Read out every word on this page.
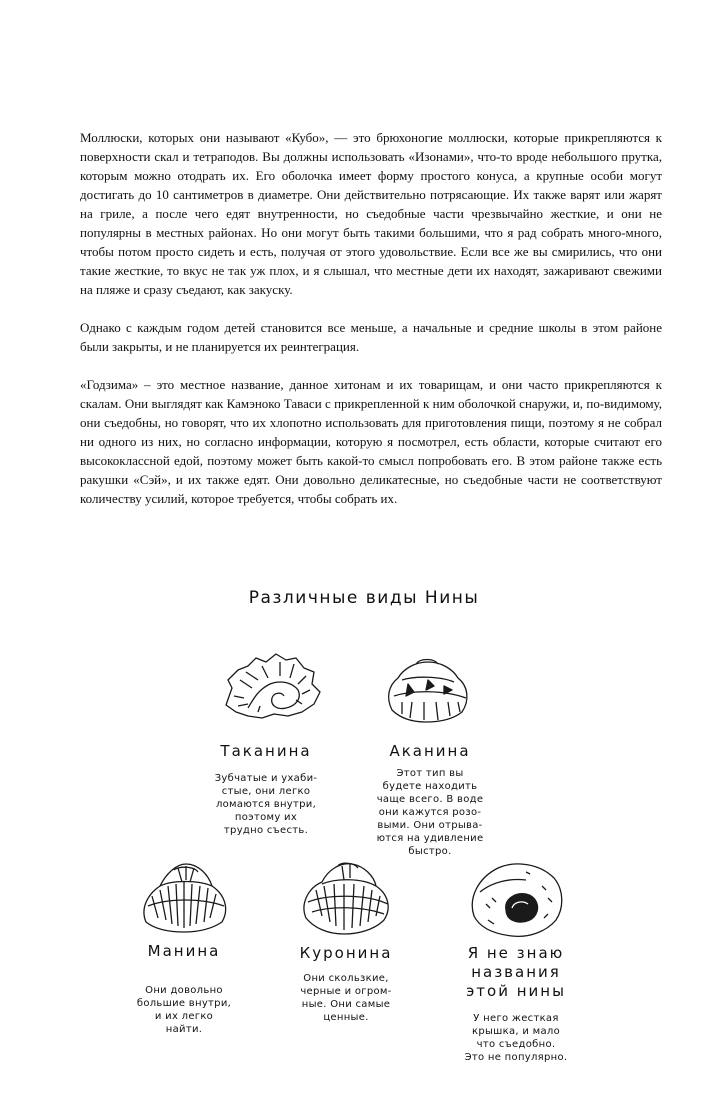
Моллюски, которых они называют «Кубо», — это брюхоногие моллюски, которые прикрепляются к поверхности скал и тетраподов. Вы должны использовать «Изонами», что-то вроде небольшого прутка, которым можно отодрать их. Его оболочка имеет форму простого конуса, а крупные особи могут достигать до 10 сантиметров в диаметре. Они действительно потрясающие. Их также варят или жарят на гриле, а после чего едят внутренности, но съедобные части чрезвычайно жесткие, и они не популярны в местных районах. Но они могут быть такими большими, что я рад собрать много-много, чтобы потом просто сидеть и есть, получая от этого удовольствие. Если все же вы смирились, что они такие жесткие, то вкус не так уж плох, и я слышал, что местные дети их находят, зажаривают свежими на пляже и сразу съедают, как закуску.

Однако с каждым годом детей становится все меньше, а начальные и средние школы в этом районе были закрыты, и не планируется их реинтеграция.

«Годзима» – это местное название, данное хитонам и их товарищам, и они часто прикрепляются к скалам. Они выглядят как Камэноко Таваси с прикрепленной к ним оболочкой снаружи, и, по-видимому, они съедобны, но говорят, что их хлопотно использовать для приготовления пищи, поэтому я не собрал ни одного из них, но согласно информации, которую я посмотрел, есть области, которые считают его высококлассной едой, поэтому может быть какой-то смысл попробовать его. В этом районе также есть ракушки «Сэй», и их также едят. Они довольно деликатесные, но съедобные части не соответствуют количеству усилий, которое требуется, чтобы собрать их.

Различные виды Нины
Таканина
Зубчатые и ухаби-
стые, они легко
ломаются внутри,
поэтому их
трудно съесть.
Аканина
Этот тип вы
будете находить
чаще всего. В воде
они кажутся розо-
выми. Они отрыва-
ются на удивление
быстро.
Манина
Они довольно
большие внутри,
и их легко
найти.
Куронина
Они скользкие,
черные и огром-
ные. Они самые
ценные.
Я не знаю
названия
этой нины
У него жесткая
крышка, и мало
что съедобно.
Это не популярно.
